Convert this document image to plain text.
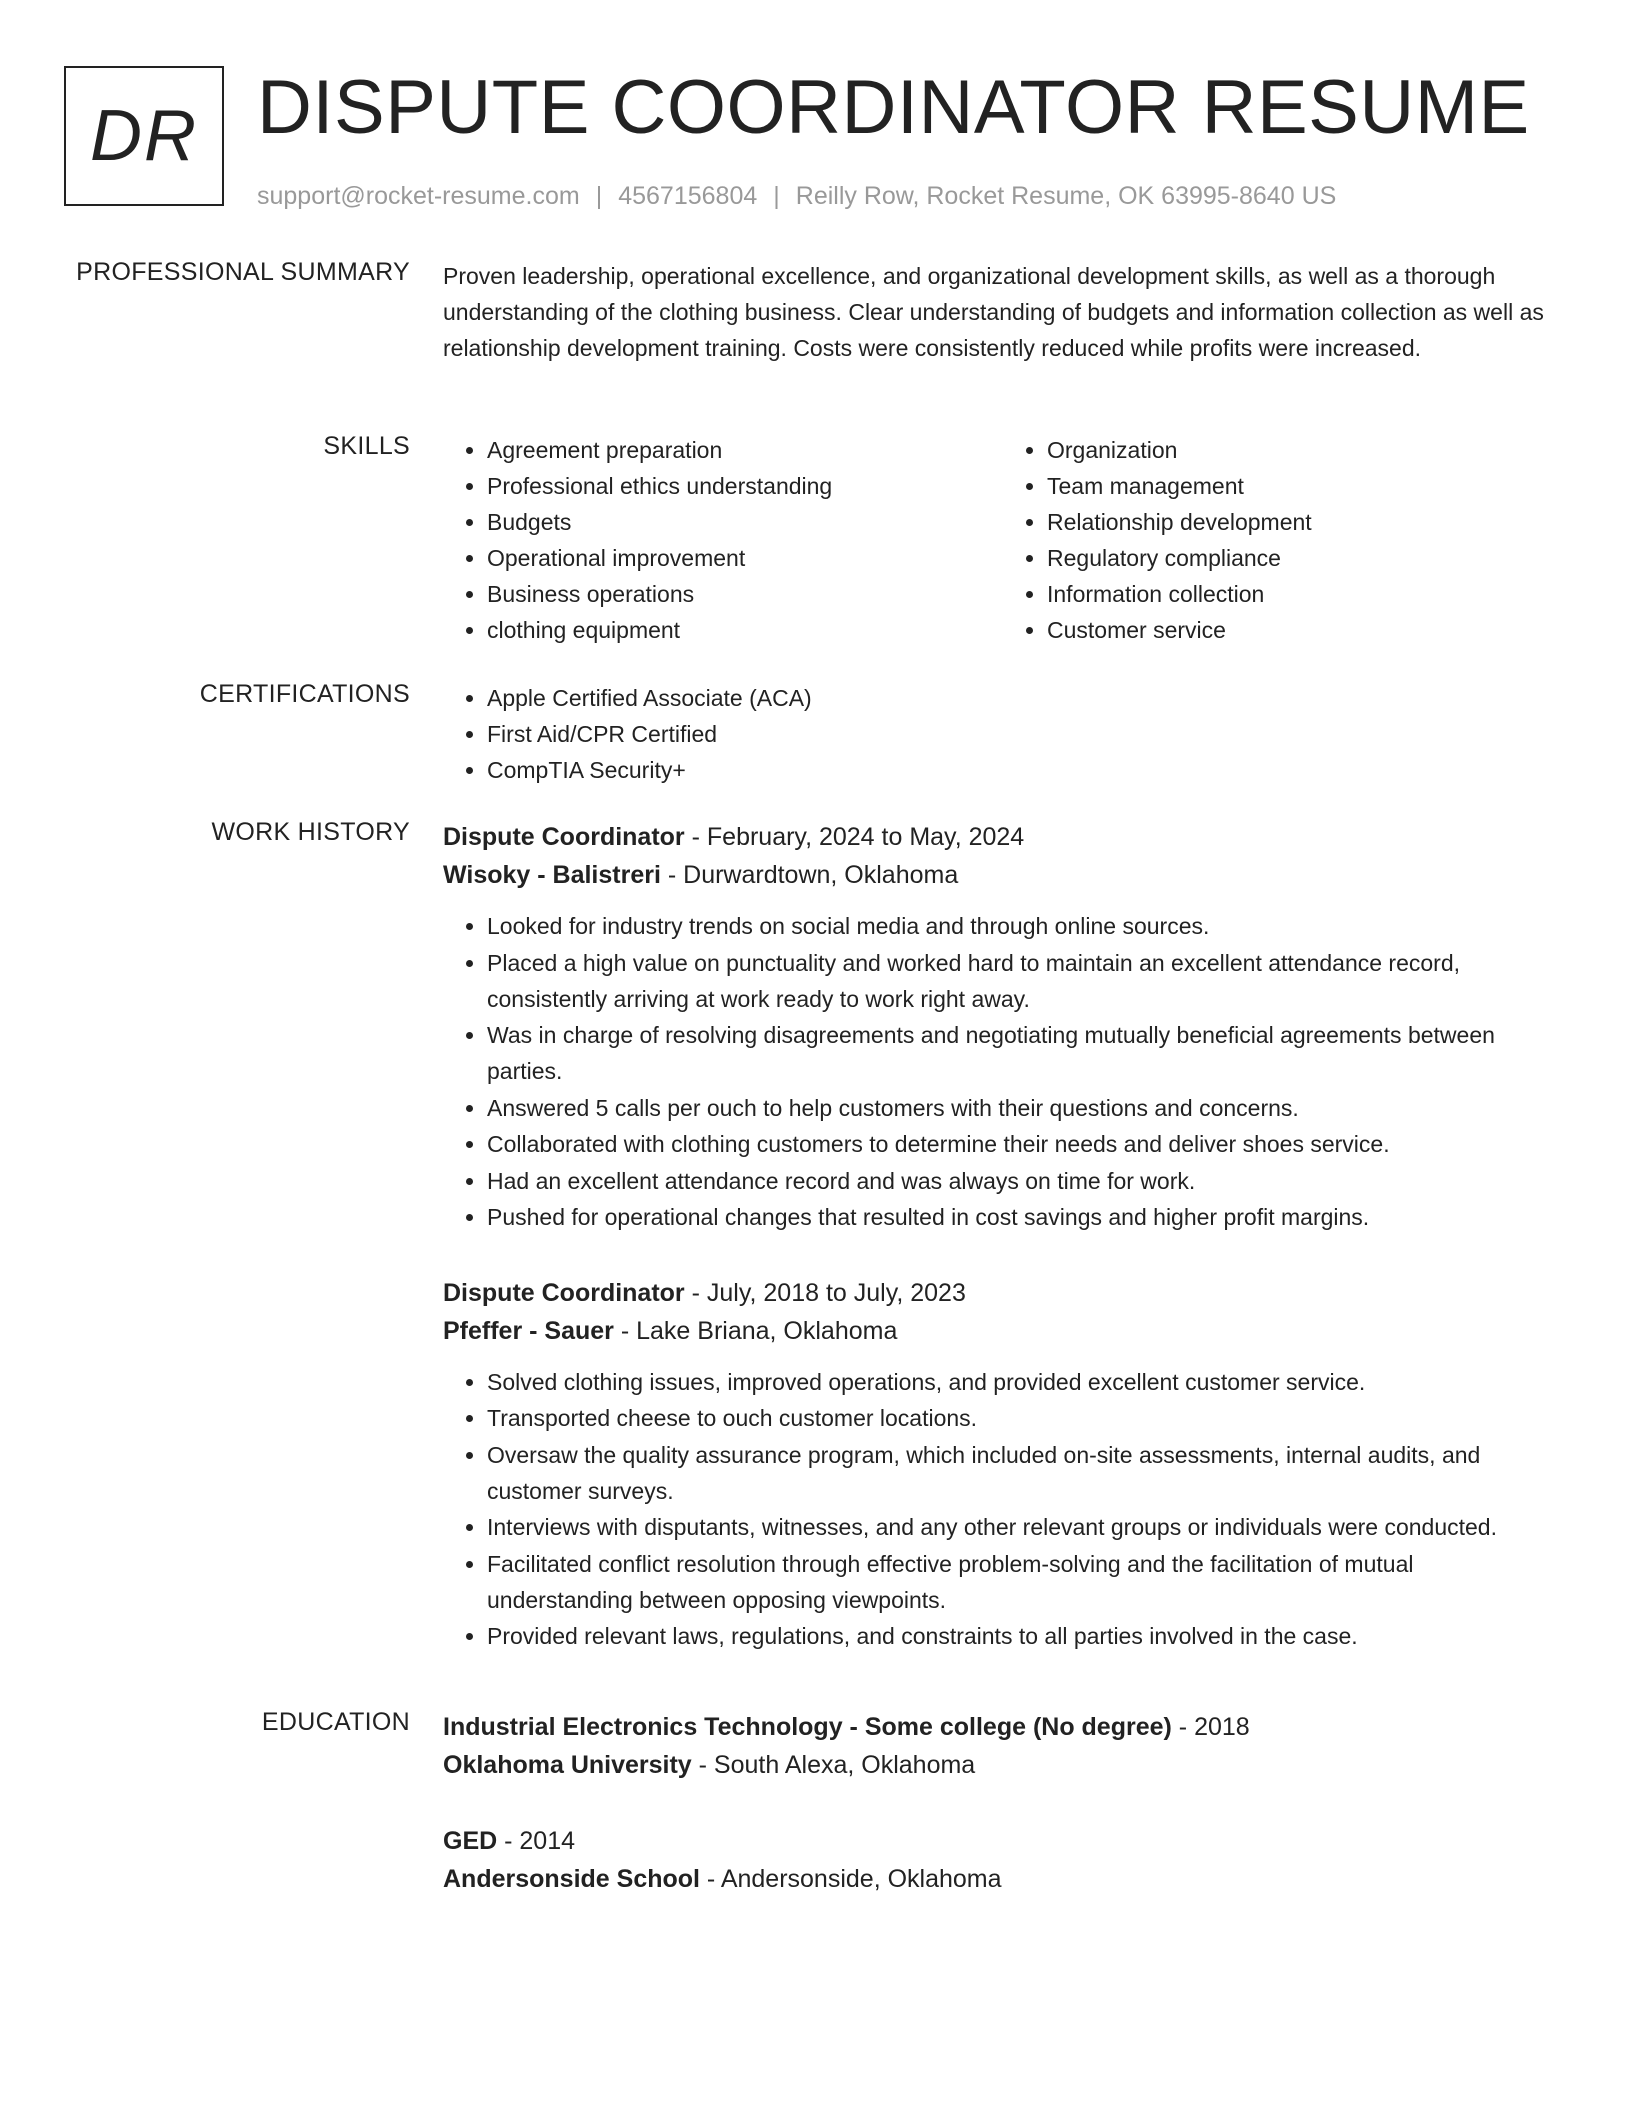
DR DISPUTE COORDINATOR RESUME
support@rocket-resume.com | 4567156804 | Reilly Row, Rocket Resume, OK 63995-8640 US
PROFESSIONAL SUMMARY Proven leadership, operational excellence, and organizational development skills, as well as a thorough understanding of the clothing business. Clear understanding of budgets and information collection as well as relationship development training. Costs were consistently reduced while profits were increased.
SKILLS	• Agreement preparation
• Professional ethics understanding
• Budgets
• Operational improvement
• Business operations
• clothing equipment
• Organization
• Team management
• Relationship development
• Regulatory compliance
• Information collection
• Customer service
CERTIFICATIONS	• Apple Certified Associate (ACA)
• First Aid/CPR Certified
• CompTIA Security+
WORK HISTORY Dispute Coordinator - February, 2024 to May, 2024
Wisoky - Balistreri - Durwardtown, Oklahoma
• Looked for industry trends on social media and through online sources.
• Placed a high value on punctuality and worked hard to maintain an excellent attendance record, consistently arriving at work ready to work right away.
• Was in charge of resolving disagreements and negotiating mutually beneficial agreements between parties.
• Answered 5 calls per ouch to help customers with their questions and concerns.
• Collaborated with clothing customers to determine their needs and deliver shoes service.
• Had an excellent attendance record and was always on time for work.
• Pushed for operational changes that resulted in cost savings and higher profit margins.
Dispute Coordinator - July, 2018 to July, 2023
Pfeffer - Sauer - Lake Briana, Oklahoma
• Solved clothing issues, improved operations, and provided excellent customer service.
• Transported cheese to ouch customer locations.
• Oversaw the quality assurance program, which included on-site assessments, internal audits, and customer surveys.
• Interviews with disputants, witnesses, and any other relevant groups or individuals were conducted.
• Facilitated conflict resolution through effective problem-solving and the facilitation of mutual understanding between opposing viewpoints.
• Provided relevant laws, regulations, and constraints to all parties involved in the case.
EDUCATION Industrial Electronics Technology - Some college (No degree) - 2018
Oklahoma University - South Alexa, Oklahoma
GED - 2014
Andersonside School - Andersonside, Oklahoma
